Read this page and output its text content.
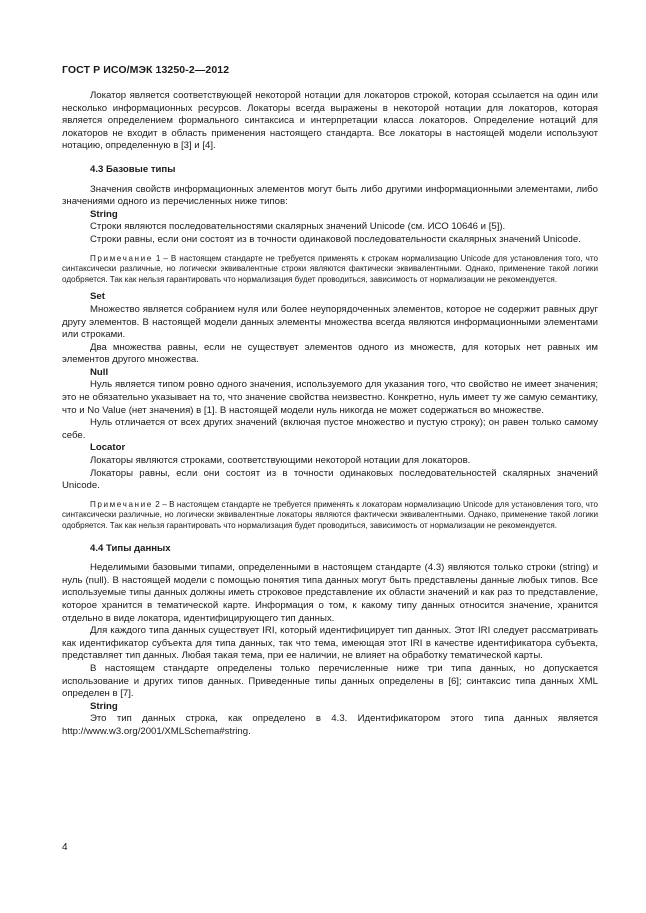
ГОСТ Р ИСО/МЭК 13250-2—2012

Локатор является соответствующей некоторой нотации для локаторов строкой, которая ссылается на один или несколько информационных ресурсов. Локаторы всегда выражены в некоторой нотации для локаторов, которая является определением формального синтаксиса и интерпретации класса локаторов. Определение нотаций для локаторов не входит в область применения настоящего стандарта. Все локаторы в настоящей модели используют нотацию, определенную в [3] и [4].

4.3 Базовые типы

Значения свойств информационных элементов могут быть либо другими информационными элементами, либо значениями одного из перечисленных ниже типов:

String

Строки являются последовательностями скалярных значений Unicode (см. ИСО 10646 и [5]).

Строки равны, если они состоят из в точности одинаковой последовательности скалярных значений Unicode.

Примечание 1 – В настоящем стандарте не требуется применять к строкам нормализацию Unicode для установления того, что синтаксически различные, но логически эквивалентные строки являются фактически эквивалентными. Однако, применение такой логики одобряется. Так как нельзя гарантировать что нормализация будет проводиться, зависимость от нормализации не рекомендуется.

Set

Множество является собранием нуля или более неупорядоченных элементов, которое не содержит равных друг другу элементов. В настоящей модели данных элементы множества всегда являются информационными элементами или строками.

Два множества равны, если не существует элементов одного из множеств, для которых нет равных им элементов другого множества.

Null

Нуль является типом ровно одного значения, используемого для указания того, что свойство не имеет значения; это не обязательно указывает на то, что значение свойства неизвестно. Конкретно, нуль имеет ту же самую семантику, что и No Value (нет значения) в [1]. В настоящей модели нуль никогда не может содержаться во множестве.

Нуль отличается от всех других значений (включая пустое множество и пустую строку); он равен только самому себе.

Locator

Локаторы являются строками, соответствующими некоторой нотации для локаторов.

Локаторы равны, если они состоят из в точности одинаковых последовательностей скалярных значений Unicode.

Примечание 2 – В настоящем стандарте не требуется применять к локаторам нормализацию Unicode для установления того, что синтаксически различные, но логически эквивалентные локаторы являются фактически эквивалентными. Однако, применение такой логики одобряется. Так как нельзя гарантировать что нормализация будет проводиться, зависимость от нормализации не рекомендуется.

4.4 Типы данных

Неделимыми базовыми типами, определенными в настоящем стандарте (4.3) являются только строки (string) и нуль (null). В настоящей модели с помощью понятия типа данных могут быть представлены данные любых типов. Все используемые типы данных должны иметь строковое представление их области значений и как раз то представление, которое хранится в тематической карте. Информация о том, к какому типу данных относится значение, хранится отдельно в виде локатора, идентифицирующего тип данных.

Для каждого типа данных существует IRI, который идентифицирует тип данных. Этот IRI следует рассматривать как идентификатор субъекта для типа данных, так что тема, имеющая этот IRI в качестве идентификатора субъекта, представляет тип данных. Любая такая тема, при ее наличии, не влияет на обработку тематической карты.

В настоящем стандарте определены только перечисленные ниже три типа данных, но допускается использование и других типов данных. Приведенные типы данных определены в [6]; синтаксис типа данных XML определен в [7].

String

Это тип данных строка, как определено в 4.3. Идентификатором этого типа данных является http://www.w3.org/2001/XMLSchema#string.

4
